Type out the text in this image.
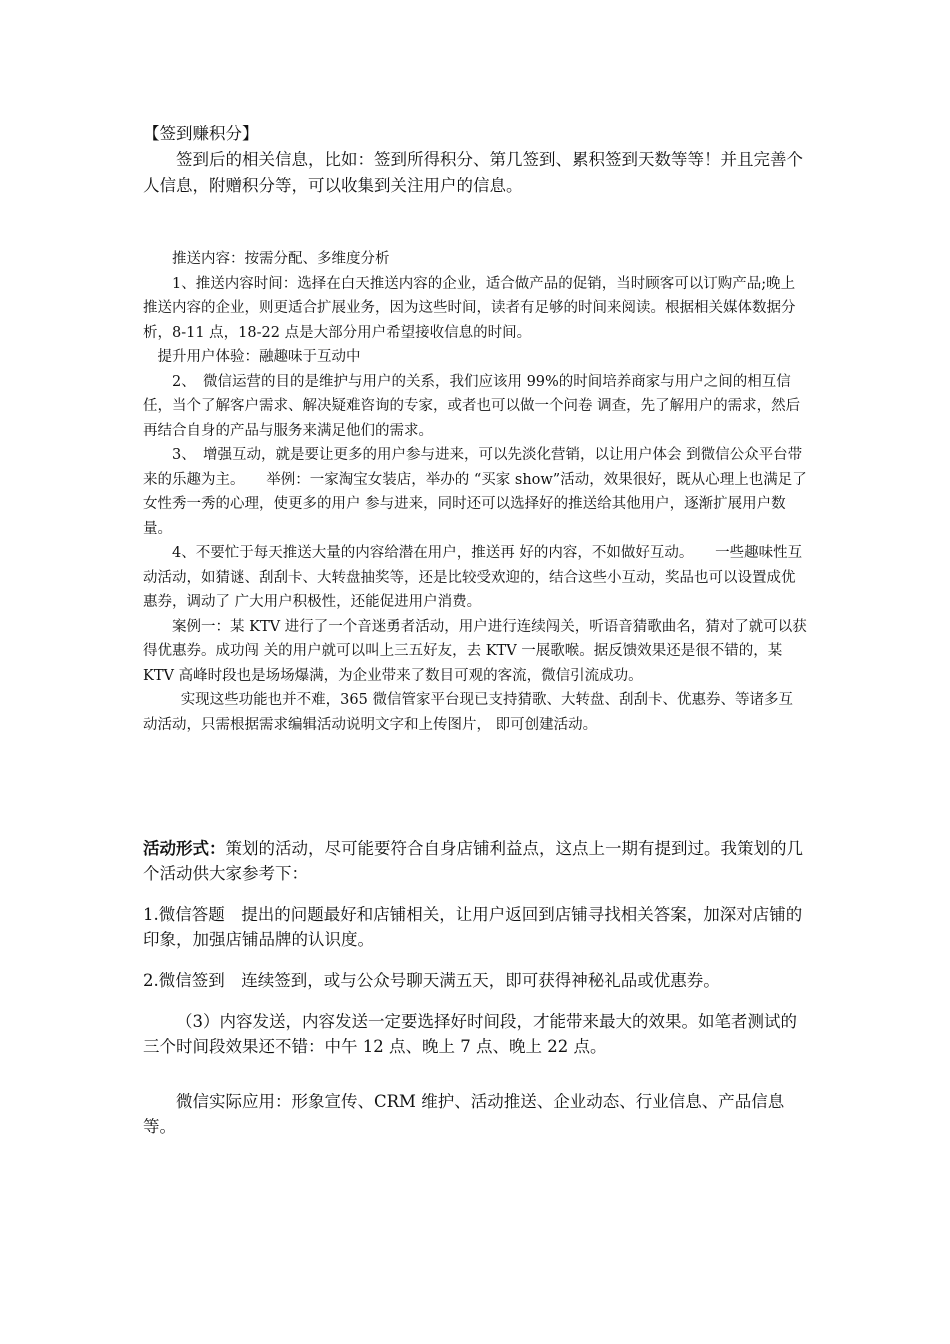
【签到赚积分】

签到后的相关信息，比如：签到所得积分、第几签到、累积签到天数等等！并且完善个人信息，附赠积分等，可以收集到关注用户的信息。

推送内容：按需分配、多维度分析

1、推送内容时间：选择在白天推送内容的企业，适合做产品的促销，当时顾客可以订购产品;晚上推送内容的企业，则更适合扩展业务，因为这些时间，读者有足够的时间来阅读。根据相关媒体数据分析，8-11 点，18-22 点是大部分用户希望接收信息的时间。

提升用户体验：融趣味于互动中

2、　微信运营的目的是维护与用户的关系，我们应该用 99%的时间培养商家与用户之间的相互信任，当个了解客户需求、解决疑难咨询的专家，或者也可以做一个问卷 调查，先了解用户的需求，然后再结合自身的产品与服务来满足他们的需求。

3、　增强互动，就是要让更多的用户参与进来，可以先淡化营销，以让用户体会 到微信公众平台带来的乐趣为主。　　举例：一家淘宝女装店，举办的 “买家 show”活动，效果很好，既从心理上也满足了女性秀一秀的心理，使更多的用户 参与进来，同时还可以选择好的推送给其他用户，逐渐扩展用户数量。

4、不要忙于每天推送大量的内容给潜在用户，推送再 好的内容，不如做好互动。　　一些趣味性互动活动，如猜谜、刮刮卡、大转盘抽奖等，还是比较受欢迎的，结合这些小互动，奖品也可以设置成优惠券，调动了 广大用户积极性，还能促进用户消费。

案例一：某 KTV 进行了一个音迷勇者活动，用户进行连续闯关，听语音猜歌曲名，猜对了就可以获得优惠券。成功闯 关的用户就可以叫上三五好友，去 KTV 一展歌喉。据反馈效果还是很不错的，某 KTV 高峰时段也是场场爆满，为企业带来了数目可观的客流，微信引流成功。

实现这些功能也并不难，365 微信管家平台现已支持猜歌、大转盘、刮刮卡、优惠券、等诸多互动活动，只需根据需求编辑活动说明文字和上传图片， 即可创建活动。

活动形式：策划的活动，尽可能要符合自身店铺利益点，这点上一期有提到过。我策划的几个活动供大家参考下：

1.微信答题　提出的问题最好和店铺相关，让用户返回到店铺寻找相关答案，加深对店铺的印象，加强店铺品牌的认识度。

2.微信签到　连续签到，或与公众号聊天满五天，即可获得神秘礼品或优惠券。

（3）内容发送，内容发送一定要选择好时间段，才能带来最大的效果。如笔者测试的三个时间段效果还不错：中午 12 点、晚上 7 点、晚上 22 点。

微信实际应用：形象宣传、CRM 维护、活动推送、企业动态、行业信息、产品信息等。
